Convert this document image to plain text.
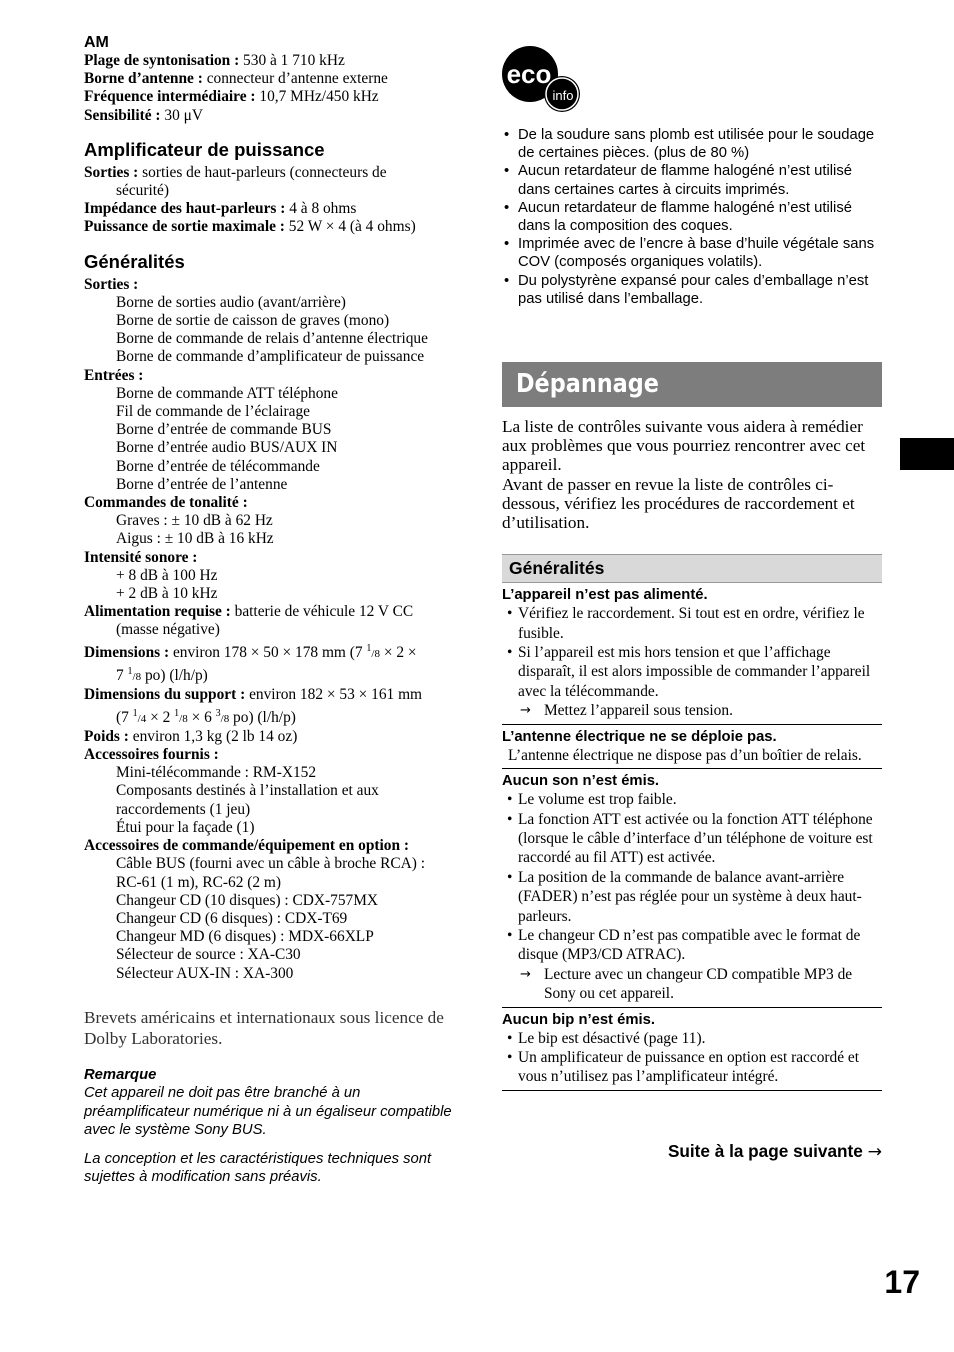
AM
Plage de syntonisation : 530 à 1 710 kHz
Borne d’antenne : connecteur d’antenne externe
Fréquence intermédiaire : 10,7 MHz/450 kHz
Sensibilité : 30 μV
Amplificateur de puissance
Sorties : sorties de haut-parleurs (connecteurs de
sécurité)
Impédance des haut-parleurs : 4 à 8 ohms
Puissance de sortie maximale : 52 W × 4 (à 4 ohms)
Généralités
Sorties :
Borne de sorties audio (avant/arrière)
Borne de sortie de caisson de graves (mono)
Borne de commande de relais d’antenne électrique
Borne de commande d’amplificateur de puissance
Entrées :
Borne de commande ATT téléphone
Fil de commande de l’éclairage
Borne d’entrée de commande BUS
Borne d’entrée audio BUS/AUX IN
Borne d’entrée de télécommande
Borne d’entrée de l’antenne
Commandes de tonalité :
Graves : ± 10 dB à 62 Hz
Aigus : ± 10 dB à 16 kHz
Intensité sonore :
+ 8 dB à 100 Hz
+ 2 dB à 10 kHz
Alimentation requise : batterie de véhicule 12 V CC
(masse négative)
Dimensions : environ 178 × 50 × 178 mm (7 $^1$/8 × 2 ×
7 $^1$/8 po) (l/h/p)
Dimensions du support : environ 182 × 53 × 161 mm
(7 $^1$/4 × 2 $^1$/8 × 6 $^3$/8 po) (l/h/p)
Poids : environ 1,3 kg (2 lb 14 oz)
Accessoires fournis :
Mini-télécommande : RM-X152
Composants destinés à l’installation et aux
raccordements (1 jeu)
Étui pour la façade (1)
Accessoires de commande/équipement en option :
Câble BUS (fourni avec un câble à broche RCA) :
RC-61 (1 m), RC-62 (2 m)
Changeur CD (10 disques) : CDX-757MX
Changeur CD (6 disques) : CDX-T69
Changeur MD (6 disques) : MDX-66XLP
Sélecteur de source : XA-C30
Sélecteur AUX-IN : XA-300
Brevets américains et internationaux sous licence de Dolby Laboratories.
Remarque

Cet appareil ne doit pas être branché à un préamplificateur numérique ni à un égaliseur compatible avec le système Sony BUS.

La conception et les caractéristiques techniques sont sujettes à modification sans préavis.

eco
info
• De la soudure sans plomb est utilisée pour le soudage de certaines pièces. (plus de 80 %)
• Aucun retardateur de flamme halogéné n’est utilisé dans certaines cartes à circuits imprimés.
• Aucun retardateur de flamme halogéné n’est utilisé dans la composition des coques.
• Imprimée avec de l’encre à base d’huile végétale sans COV (composés organiques volatils).
• Du polystyrène expansé pour cales d’emballage n’est pas utilisé dans l’emballage.
Dépannage

La liste de contrôles suivante vous aidera à remédier aux problèmes que vous pourriez rencontrer avec cet appareil.

Avant de passer en revue la liste de contrôles ci-dessous, vérifiez les procédures de raccordement et d’utilisation.

Généralités
L’appareil n’est pas alimenté.
• Vérifiez le raccordement. Si tout est en ordre, vérifiez le fusible.
• Si l’appareil est mis hors tension et que l’affichage disparaît, il est alors impossible de commander l’appareil avec la télécommande.
→ Mettez l’appareil sous tension.
L’antenne électrique ne se déploie pas.
L’antenne électrique ne dispose pas d’un boîtier de relais.
Aucun son n’est émis.
• Le volume est trop faible.
• La fonction ATT est activée ou la fonction ATT téléphone (lorsque le câble d’interface d’un téléphone de voiture est raccordé au fil ATT) est activée.
• La position de la commande de balance avant-arrière (FADER) n’est pas réglée pour un système à deux haut-parleurs.
• Le changeur CD n’est pas compatible avec le format de disque (MP3/CD ATRAC).
→ Lecture avec un changeur CD compatible MP3 de Sony ou cet appareil.
Aucun bip n’est émis.
• Le bip est désactivé (page 11).
• Un amplificateur de puissance en option est raccordé et vous n’utilisez pas l’amplificateur intégré.
Suite à la page suivante →
17
